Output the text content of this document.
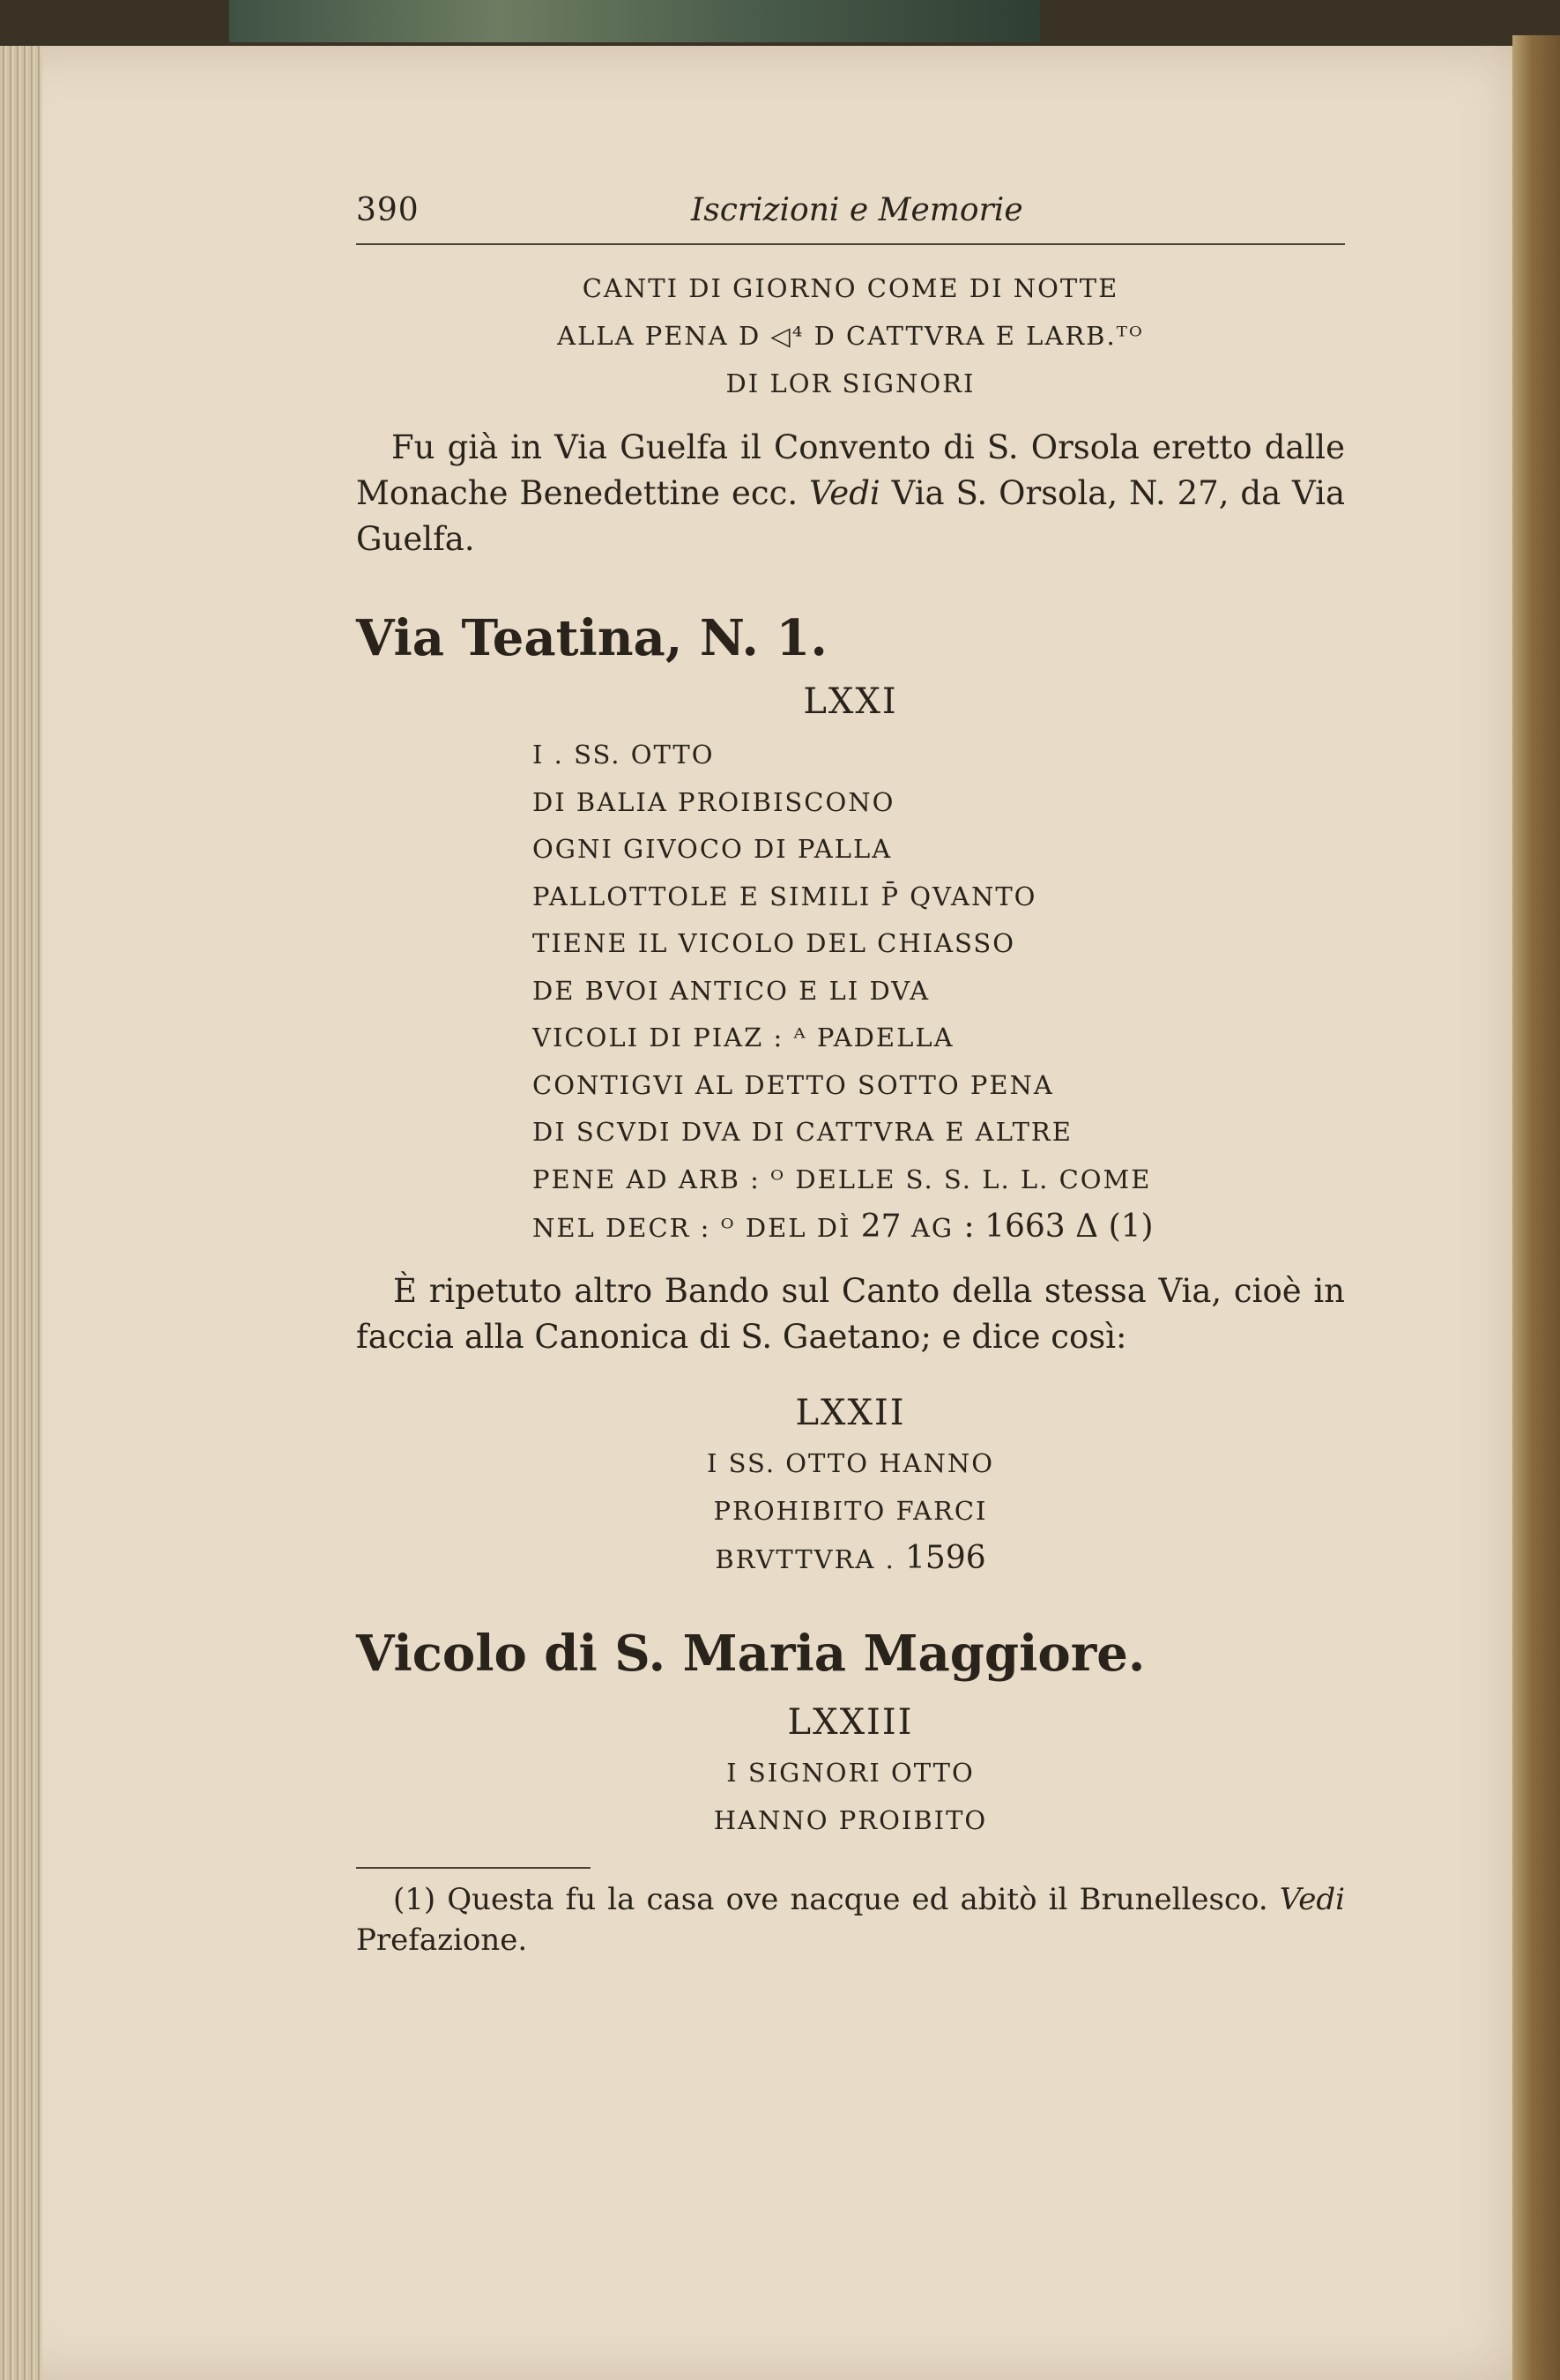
390	Iscrizioni e Memorie
CANTI DI GIORNO COME DI NOTTE
ALLA PENA D ◁⁴ D CATTVRA E LARB.ᵀᴼ
DI LOR SIGNORI

Fu già in Via Guelfa il Convento di S. Orsola eretto dalle Monache Benedettine ecc. Vedi Via S. Orsola, N. 27, da Via Guelfa.

Via Teatina, N. 1.
LXXI
I . SS. OTTO
DI BALIA PROIBISCONO
OGNI GIVOCO DI PALLA
PALLOTTOLE E SIMILI P̄ QVANTO
TIENE IL VICOLO DEL CHIASSO
DE BVOI ANTICO E LI DVA
VICOLI DI PIAZ : ᴬ PADELLA
CONTIGVI AL DETTO SOTTO PENA
DI SCVDI DVA DI CATTVRA E ALTRE
PENE AD ARB : ᴼ DELLE S. S. L. L. COME
NEL DECR : ᴼ DEL DÌ 27 AG : 1663 Δ (1)

È ripetuto altro Bando sul Canto della stessa Via, cioè in faccia alla Canonica di S. Gaetano; e dice così:

LXXII
I SS. OTTO HANNO
PROHIBITO FARCI
BRVTTVRA . 1596
Vicolo di S. Maria Maggiore.
LXXIII
I SIGNORI OTTO
HANNO PROIBITO
(1) Questa fu la casa ove nacque ed abitò il Brunellesco. Vedi Prefazione.
